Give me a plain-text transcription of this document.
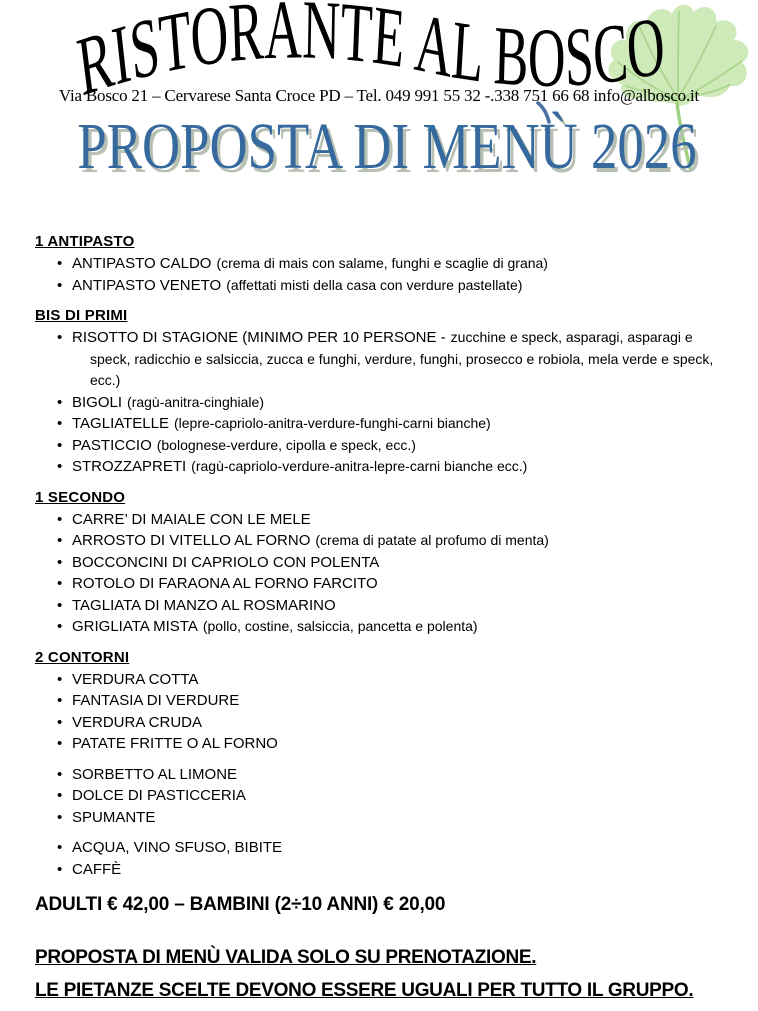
RISTORANTE AL BOSCO
Via Bosco 21 – Cervarese Santa Croce PD – Tel. 049 991 55 32 -.338 751 66 68 info@albosco.it
PROPOSTA DI MENÙ 2026
1 ANTIPASTO
• ANTIPASTO CALDO (crema di mais con salame, funghi e scaglie di grana)
• ANTIPASTO VENETO (affettati misti della casa con verdure pastellate)
BIS DI PRIMI
• RISOTTO DI STAGIONE (MINIMO PER 10 PERSONE - zucchine e speck, asparagi, asparagi e speck, radicchio e salsiccia, zucca e funghi, verdure, funghi, prosecco e robiola, mela verde e speck, ecc.)
• BIGOLI (ragù-anitra-cinghiale)
• TAGLIATELLE (lepre-capriolo-anitra-verdure-funghi-carni bianche)
• PASTICCIO (bolognese-verdure, cipolla e speck, ecc.)
• STROZZAPRETI (ragù-capriolo-verdure-anitra-lepre-carni bianche ecc.)
1 SECONDO
• CARRE’ DI MAIALE CON LE MELE
• ARROSTO DI VITELLO AL FORNO (crema di patate al profumo di menta)
• BOCCONCINI DI CAPRIOLO CON POLENTA
• ROTOLO DI FARAONA AL FORNO FARCITO
• TAGLIATA DI MANZO AL ROSMARINO
• GRIGLIATA MISTA (pollo, costine, salsiccia, pancetta e polenta)
2 CONTORNI
• VERDURA COTTA
• FANTASIA DI VERDURE
• VERDURA CRUDA
• PATATE FRITTE O AL FORNO
• SORBETTO AL LIMONE
• DOLCE DI PASTICCERIA
• SPUMANTE
• ACQUA, VINO SFUSO, BIBITE
• CAFFÈ
ADULTI € 42,00 – BAMBINI (2÷10 ANNI) € 20,00
PROPOSTA DI MENÙ VALIDA SOLO SU PRENOTAZIONE.
LE PIETANZE SCELTE DEVONO ESSERE UGUALI PER TUTTO IL GRUPPO.
